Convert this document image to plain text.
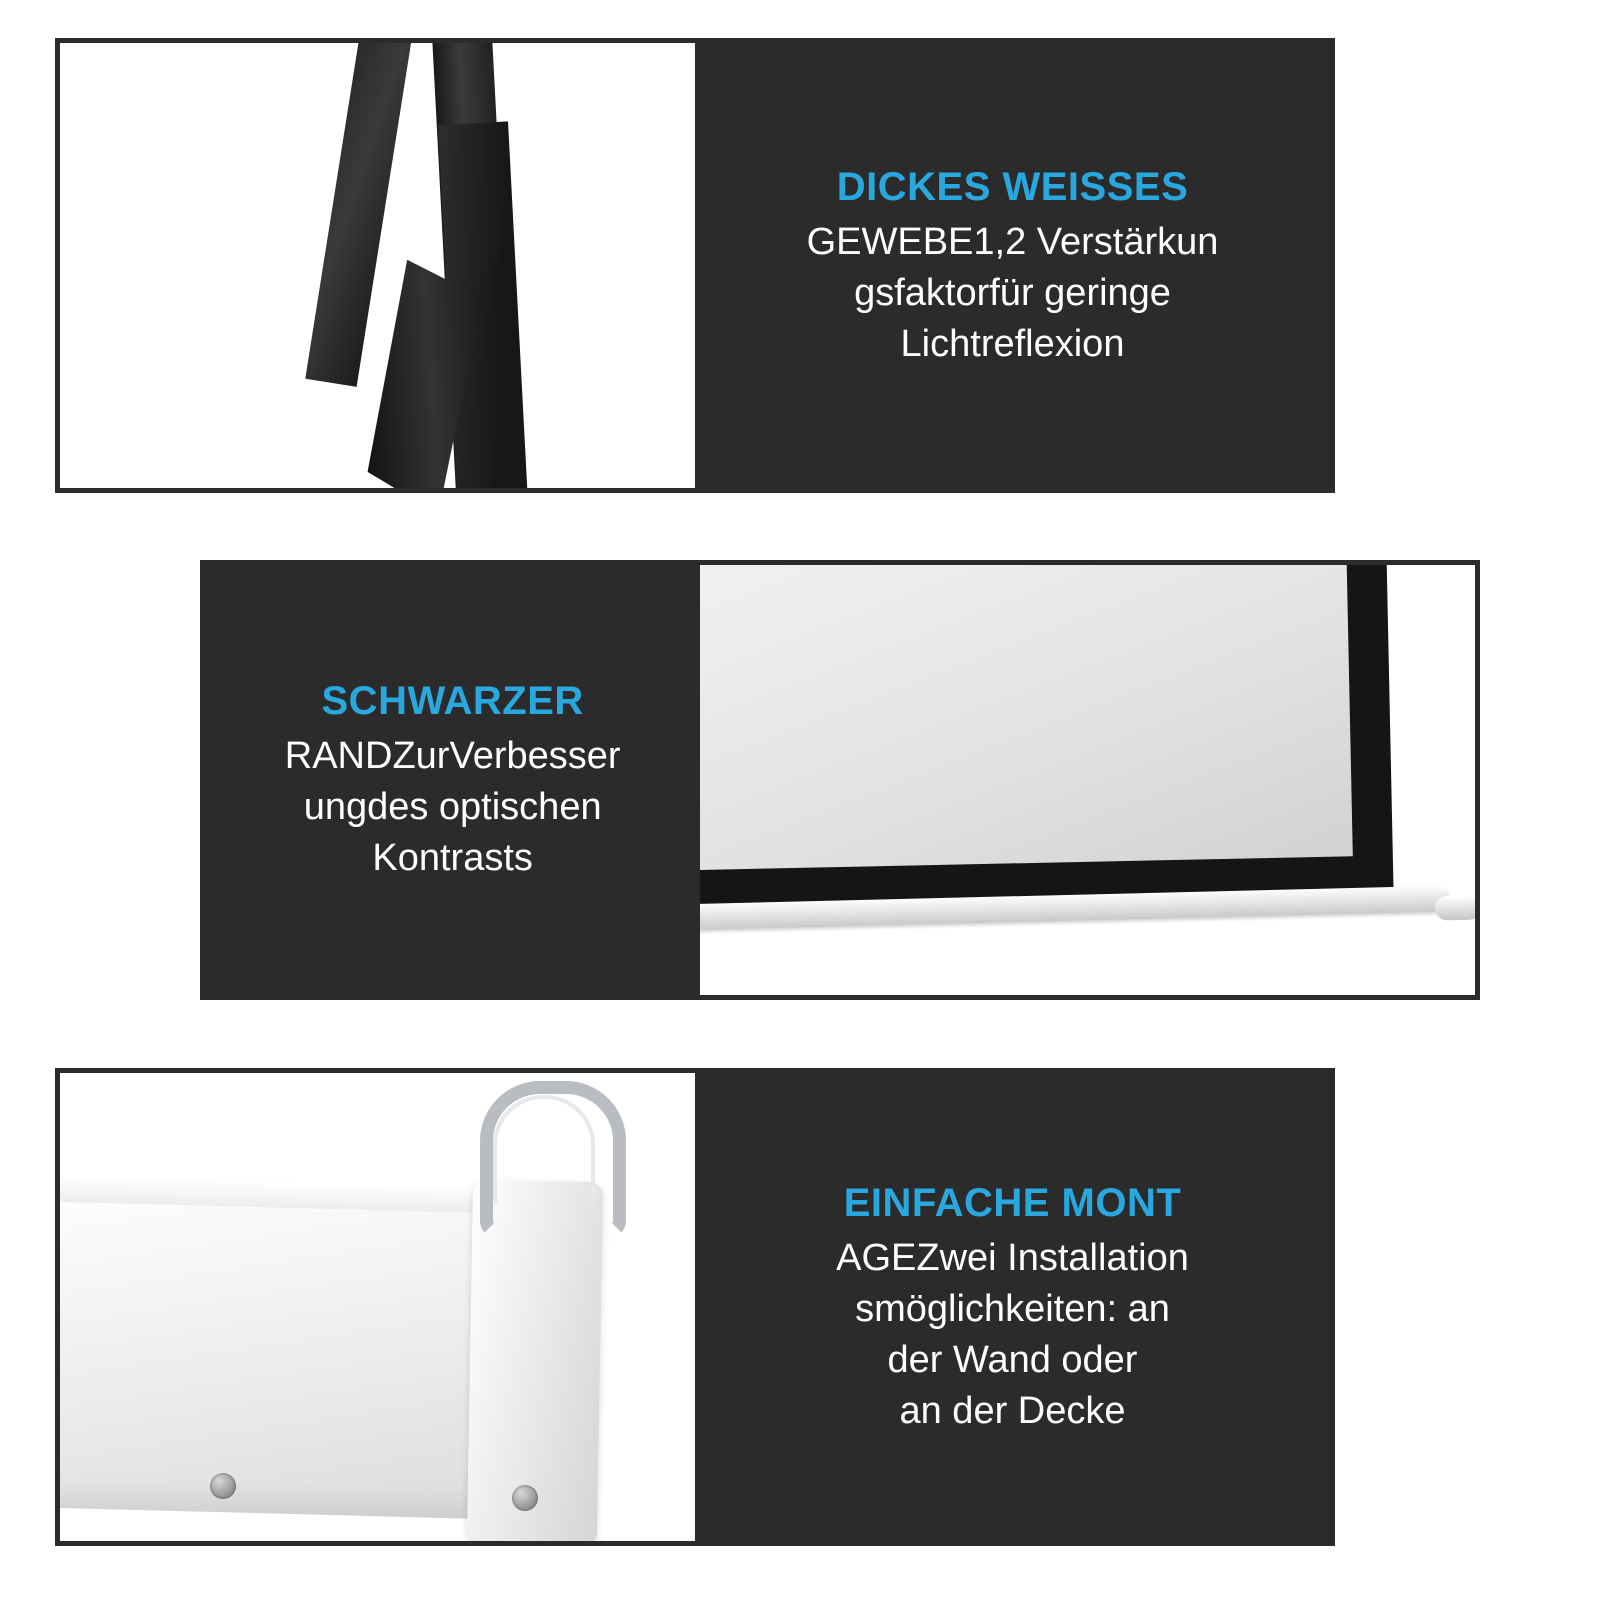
DICKES WEISSES
GEWEBE1,2 Verstärkun
gsfaktorfür geringe
Lichtreflexion
SCHWARZER
RANDZurVerbesser
ungdes optischen
Kontrasts
EINFACHE MONT
AGEZwei Installation
smöglichkeiten: an
der Wand oder
an der Decke
